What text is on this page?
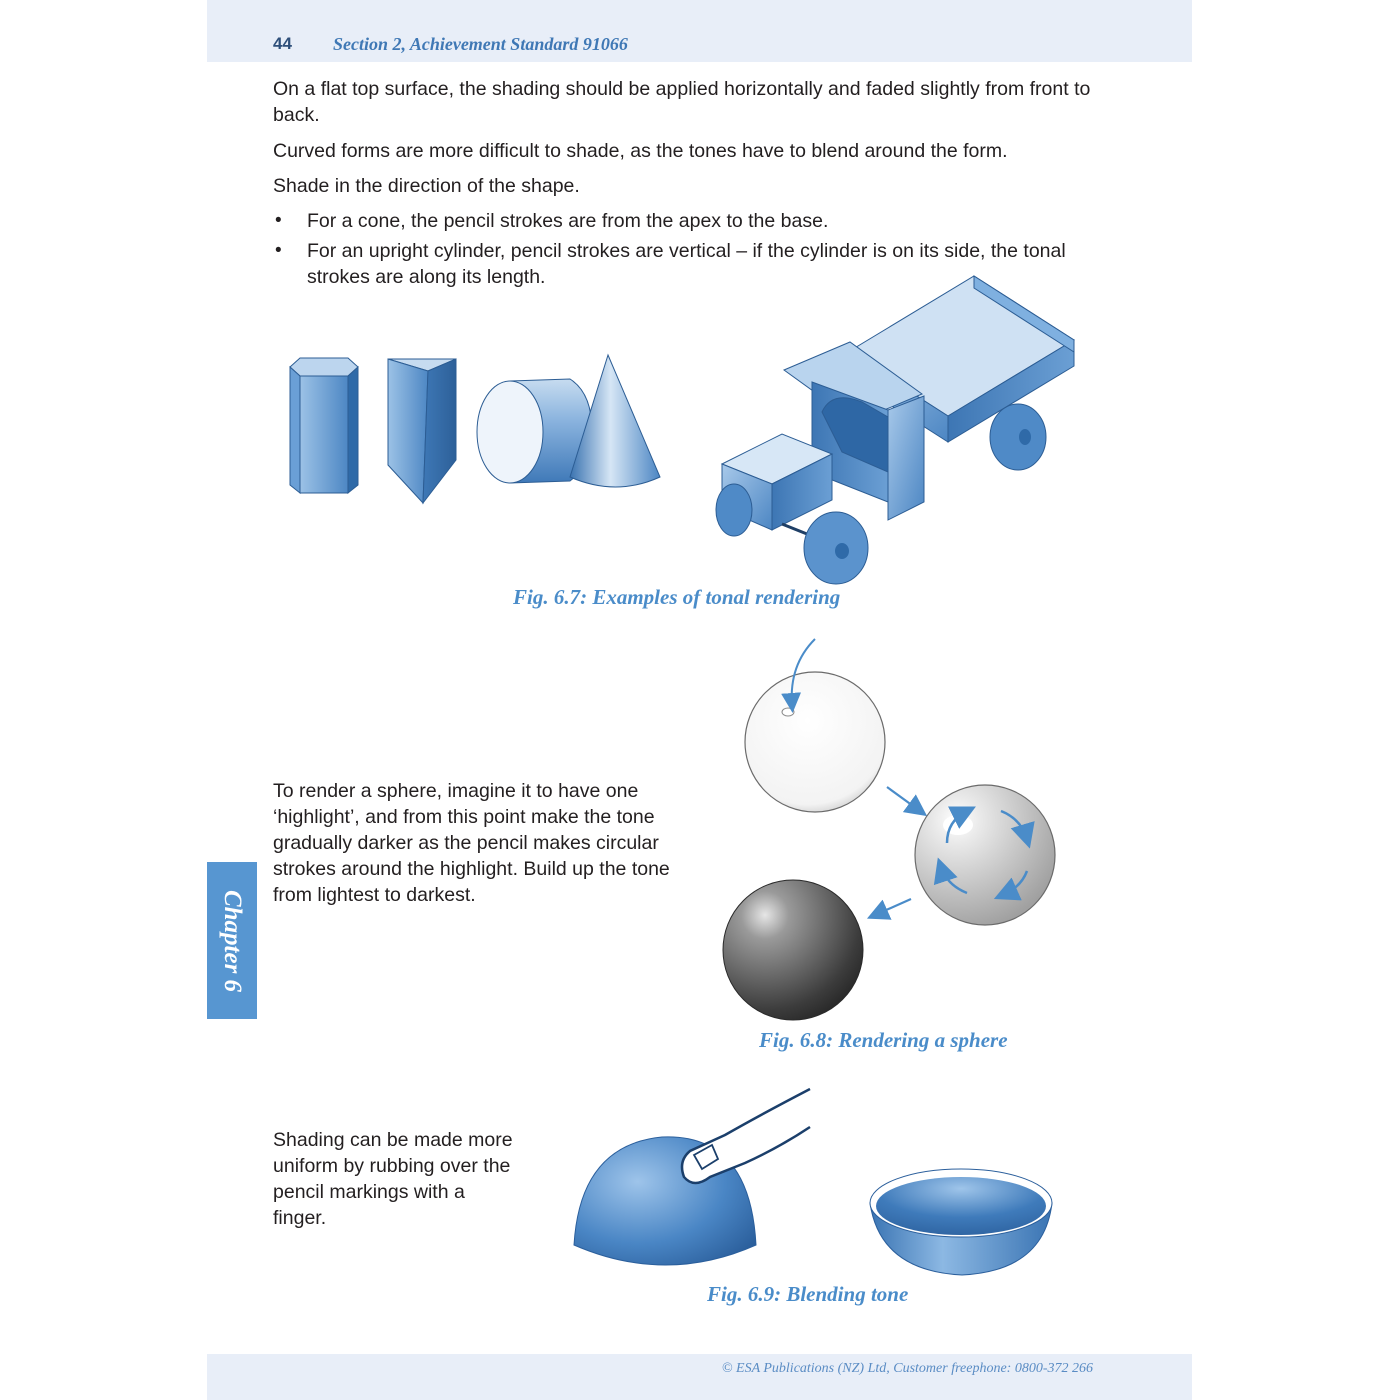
44 Section 2, Achievement Standard 91066

On a flat top surface, the shading should be applied horizontally and faded slightly from front to back.

Curved forms are more difficult to shade, as the tones have to blend around the form.

Shade in the direction of the shape.

• For a cone, the pencil strokes are from the apex to the base.
• For an upright cylinder, pencil strokes are vertical – if the cylinder is on its side, the tonal strokes are along its length.
Fig. 6.7: Examples of tonal rendering

To render a sphere, imagine it to have one ‘highlight’, and from this point make the tone gradually darker as the pencil makes circular strokes around the highlight. Build up the tone from lightest to darkest.

Fig. 6.8: Rendering a sphere

Shading can be made more uniform by rubbing over the pencil markings with a finger.

Fig. 6.9: Blending tone
Chapter 6
© ESA Publications (NZ) Ltd, Customer freephone: 0800-372 266
